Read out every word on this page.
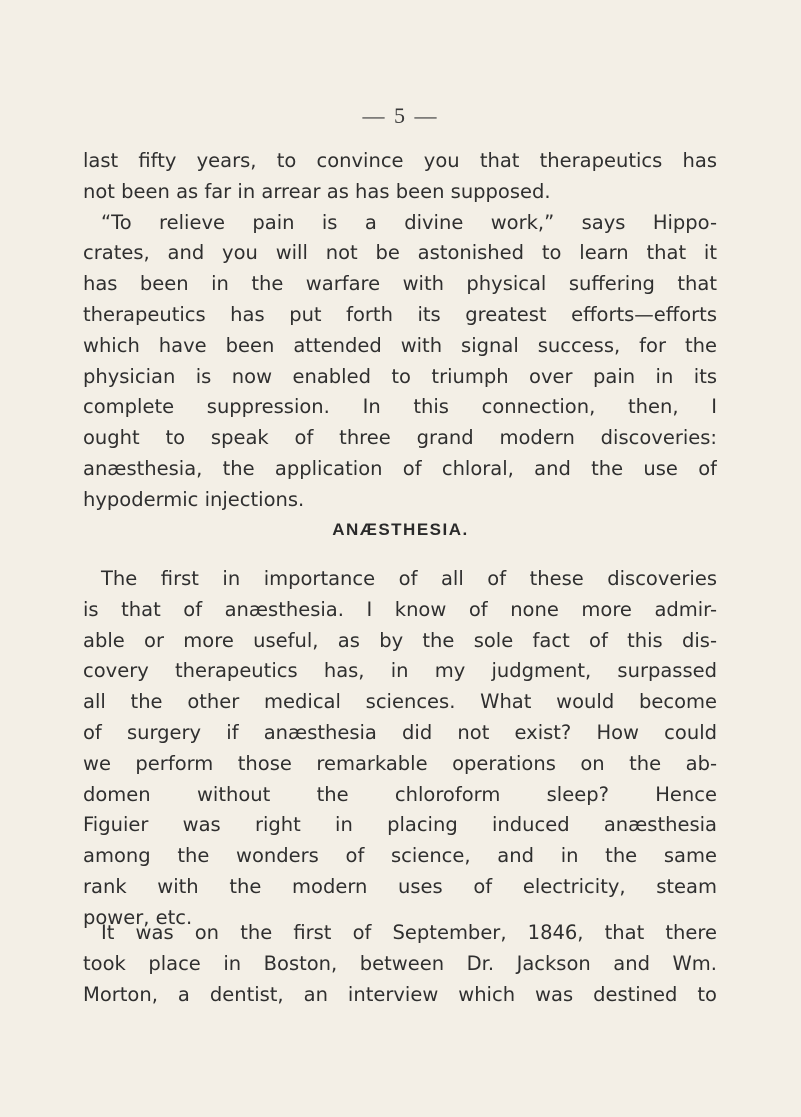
— 5 —
last fifty years, to convince you that therapeutics has
not been as far in arrear as has been supposed.
“To relieve pain is a divine work,” says Hippo-
crates, and you will not be astonished to learn that it
has been in the warfare with physical suffering that
therapeutics has put forth its greatest efforts—efforts
which have been attended with signal success, for the
physician is now enabled to triumph over pain in its
complete suppression. In this connection, then, I
ought to speak of three grand modern discoveries:
anæsthesia, the application of chloral, and the use of
hypodermic injections.
ANÆSTHESIA.
The first in importance of all of these discoveries
is that of anæsthesia. I know of none more admir-
able or more useful, as by the sole fact of this dis-
covery therapeutics has, in my judgment, surpassed
all the other medical sciences. What would become
of surgery if anæsthesia did not exist? How could
we perform those remarkable operations on the ab-
domen without the chloroform sleep? Hence
Figuier was right in placing induced anæsthesia
among the wonders of science, and in the same
rank with the modern uses of electricity, steam
power, etc.
It was on the first of September, 1846, that there
took place in Boston, between Dr. Jackson and Wm.
Morton, a dentist, an interview which was destined to
